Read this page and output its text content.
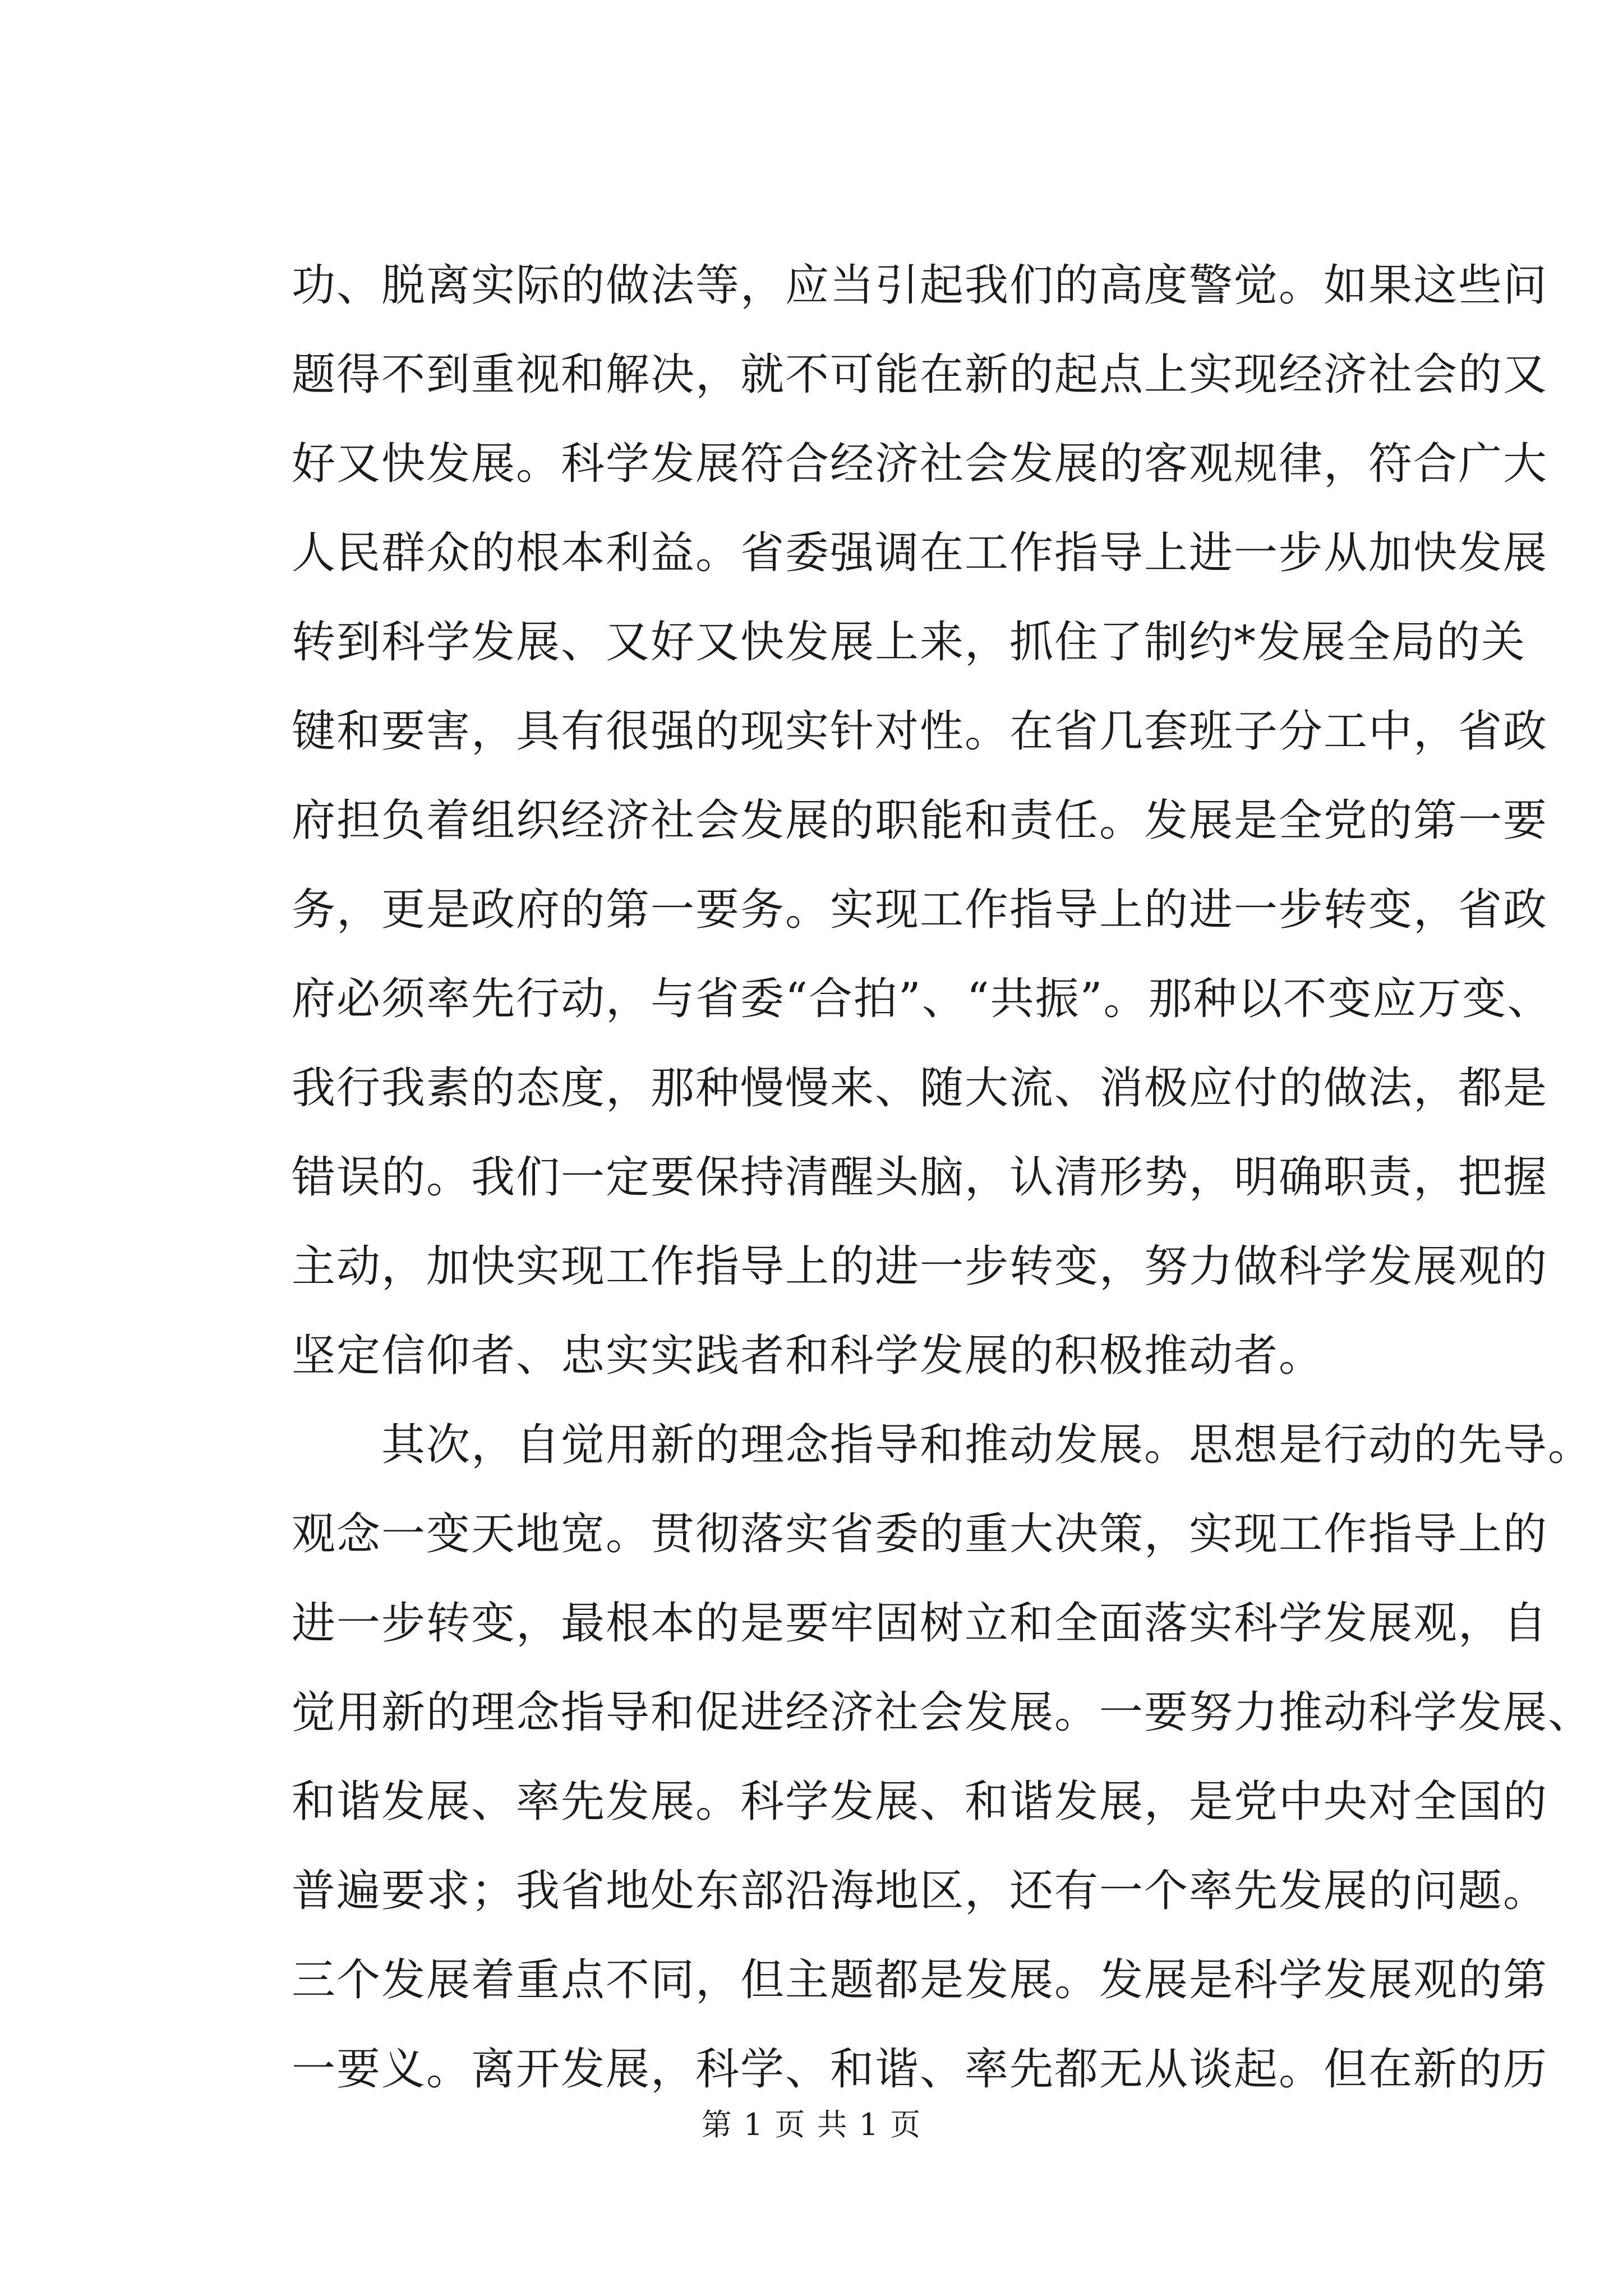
功、脱离实际的做法等，应当引起我们的高度警觉。如果这些问
题得不到重视和解决，就不可能在新的起点上实现经济社会的又
好又快发展。科学发展符合经济社会发展的客观规律，符合广大
人民群众的根本利益。省委强调在工作指导上进一步从加快发展
转到科学发展、又好又快发展上来，抓住了制约*发展全局的关
键和要害，具有很强的现实针对性。在省几套班子分工中，省政
府担负着组织经济社会发展的职能和责任。发展是全党的第一要
务，更是政府的第一要务。实现工作指导上的进一步转变，省政
府必须率先行动，与省委“合拍”、“共振”。那种以不变应万变、
我行我素的态度，那种慢慢来、随大流、消极应付的做法，都是
错误的。我们一定要保持清醒头脑，认清形势，明确职责，把握
主动，加快实现工作指导上的进一步转变，努力做科学发展观的
坚定信仰者、忠实实践者和科学发展的积极推动者。
　　其次，自觉用新的理念指导和推动发展。思想是行动的先导。
观念一变天地宽。贯彻落实省委的重大决策，实现工作指导上的
进一步转变，最根本的是要牢固树立和全面落实科学发展观，自
觉用新的理念指导和促进经济社会发展。一要努力推动科学发展、
和谐发展、率先发展。科学发展、和谐发展，是党中央对全国的
普遍要求；我省地处东部沿海地区，还有一个率先发展的问题。
三个发展着重点不同，但主题都是发展。发展是科学发展观的第
一要义。离开发展，科学、和谐、率先都无从谈起。但在新的历
第 1 页 共 1 页
